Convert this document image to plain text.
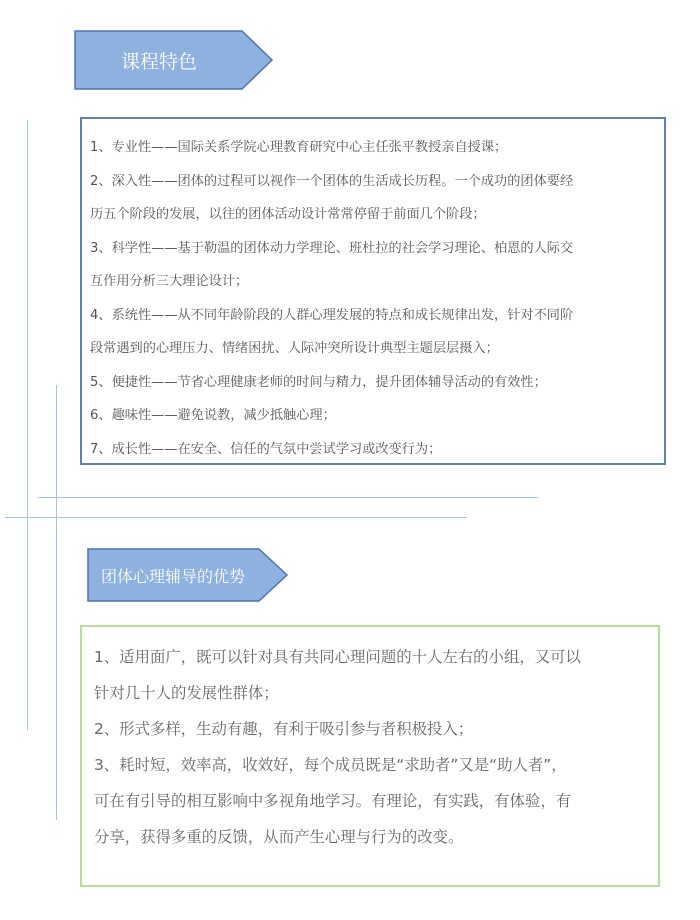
课程特色
1、专业性——国际关系学院心理教育研究中心主任张平教授亲自授课；
2、深入性——团体的过程可以视作一个团体的生活成长历程。一个成功的团体要经
历五个阶段的发展，以往的团体活动设计常常停留于前面几个阶段；
3、科学性——基于勒温的团体动力学理论、班杜拉的社会学习理论、柏恩的人际交
互作用分析三大理论设计；
4、系统性——从不同年龄阶段的人群心理发展的特点和成长规律出发，针对不同阶
段常遇到的心理压力、情绪困扰、人际冲突所设计典型主题层层摄入；
5、便捷性——节省心理健康老师的时间与精力，提升团体辅导活动的有效性；
6、趣味性——避免说教，减少抵触心理；
7、成长性——在安全、信任的气氛中尝试学习或改变行为；
团体心理辅导的优势
1、适用面广，既可以针对具有共同心理问题的十人左右的小组，又可以
针对几十人的发展性群体；
2、形式多样，生动有趣，有利于吸引参与者积极投入；
3、耗时短，效率高，收效好，每个成员既是“求助者”又是“助人者”，
可在有引导的相互影响中多视角地学习。有理论，有实践，有体验，有
分享，获得多重的反馈，从而产生心理与行为的改变。
